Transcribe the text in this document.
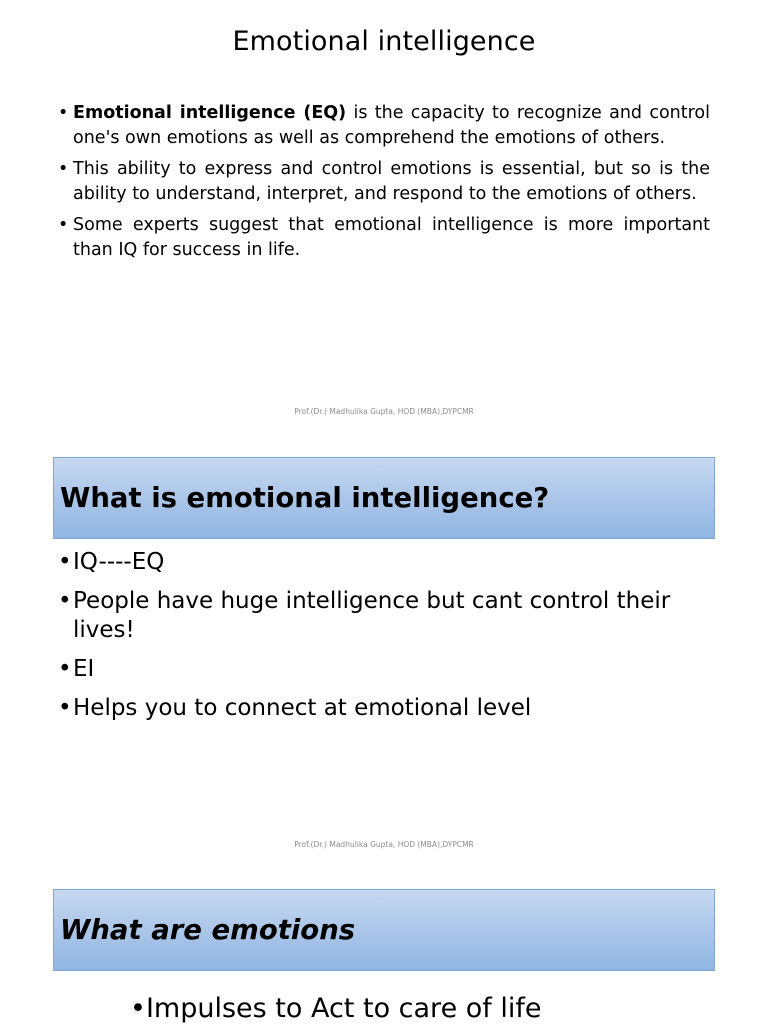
Emotional intelligence
• Emotional intelligence (EQ) is the capacity to recognize and control one's own emotions as well as comprehend the emotions of others.
• This ability to express and control emotions is essential, but so is the ability to understand, interpret, and respond to the emotions of others.
• Some experts suggest that emotional intelligence is more important than IQ for success in life.
Prof.(Dr.) Madhulika Gupta, HOD (MBA),DYPCMR
What is emotional intelligence?
• IQ----EQ
• People have huge intelligence but cant control their lives!
• EI
• Helps you to connect at emotional level
Prof.(Dr.) Madhulika Gupta, HOD (MBA),DYPCMR
What are emotions
•Impulses to Act to care of life
